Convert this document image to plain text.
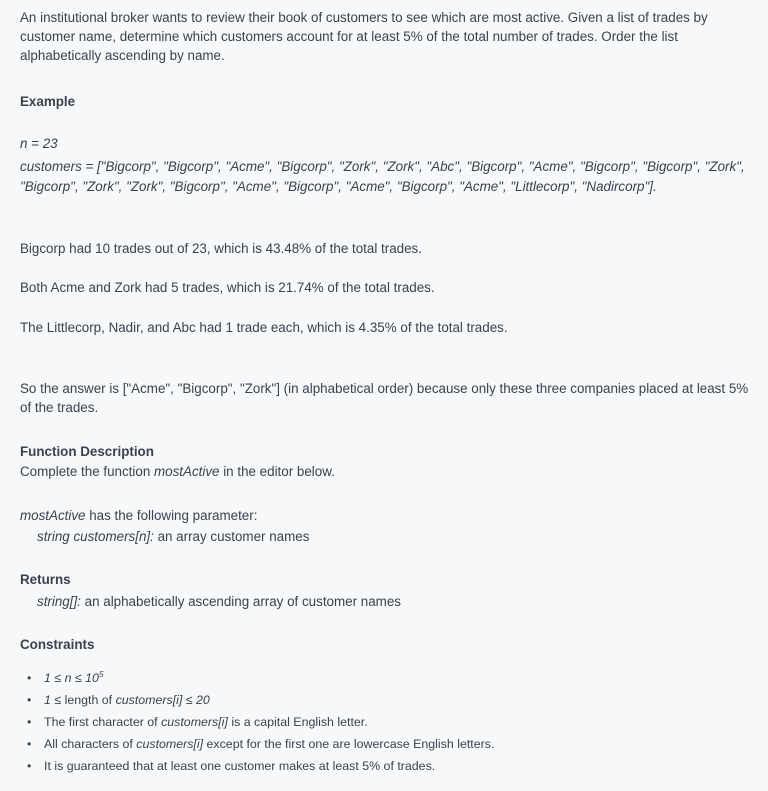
An institutional broker wants to review their book of customers to see which are most active. Given a list of trades by customer name, determine which customers account for at least 5% of the total number of trades. Order the list alphabetically ascending by name.

Example

n = 23

customers = ["Bigcorp", "Bigcorp", "Acme", "Bigcorp", "Zork", "Zork", "Abc", "Bigcorp", "Acme", "Bigcorp", "Bigcorp", "Zork", "Bigcorp", "Zork", "Zork", "Bigcorp", "Acme", "Bigcorp", "Acme", "Bigcorp", "Acme", "Littlecorp", "Nadircorp"].

Bigcorp had 10 trades out of 23, which is 43.48% of the total trades.

Both Acme and Zork had 5 trades, which is 21.74% of the total trades.

The Littlecorp, Nadir, and Abc had 1 trade each, which is 4.35% of the total trades.

So the answer is ["Acme", "Bigcorp", "Zork"] (in alphabetical order) because only these three companies placed at least 5% of the trades.

Function Description

Complete the function mostActive in the editor below.

mostActive has the following parameter:

string customers[n]: an array customer names

Returns

string[]: an alphabetically ascending array of customer names

Constraints

• $1 \le n \le 10^5$
• 1 ≤ length of customers[i] ≤ 20
• The first character of customers[i] is a capital English letter.
• All characters of customers[i] except for the first one are lowercase English letters.
• It is guaranteed that at least one customer makes at least 5% of trades.
